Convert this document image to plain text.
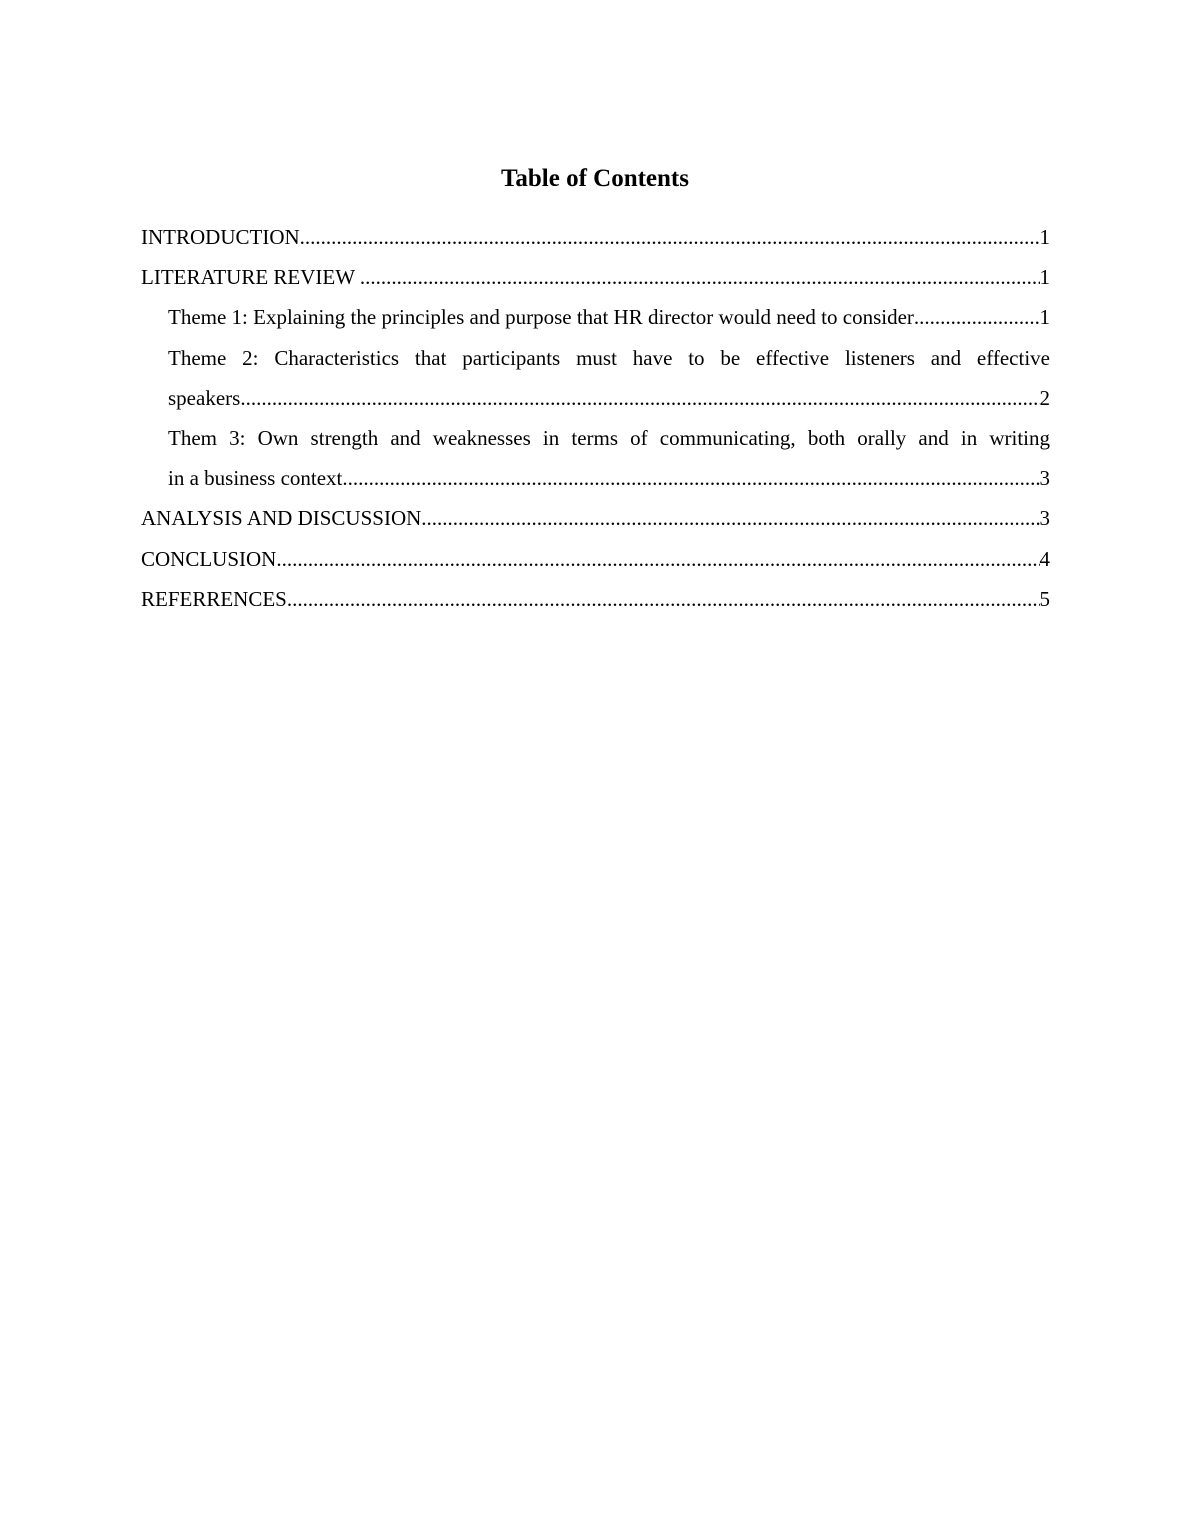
Table of Contents
INTRODUCTION .....	1
LITERATURE REVIEW .....	1
Theme 1: Explaining the principles and purpose that HR director would need to consider .....	1
Theme 2: Characteristics that participants must have to be effective listeners and effective
speakers .....	2
Them 3: Own strength and weaknesses in terms of communicating, both orally and in writing
in a business context .....	3
ANALYSIS AND DISCUSSION .....	3
CONCLUSION .....	4
REFERRENCES .....	5
